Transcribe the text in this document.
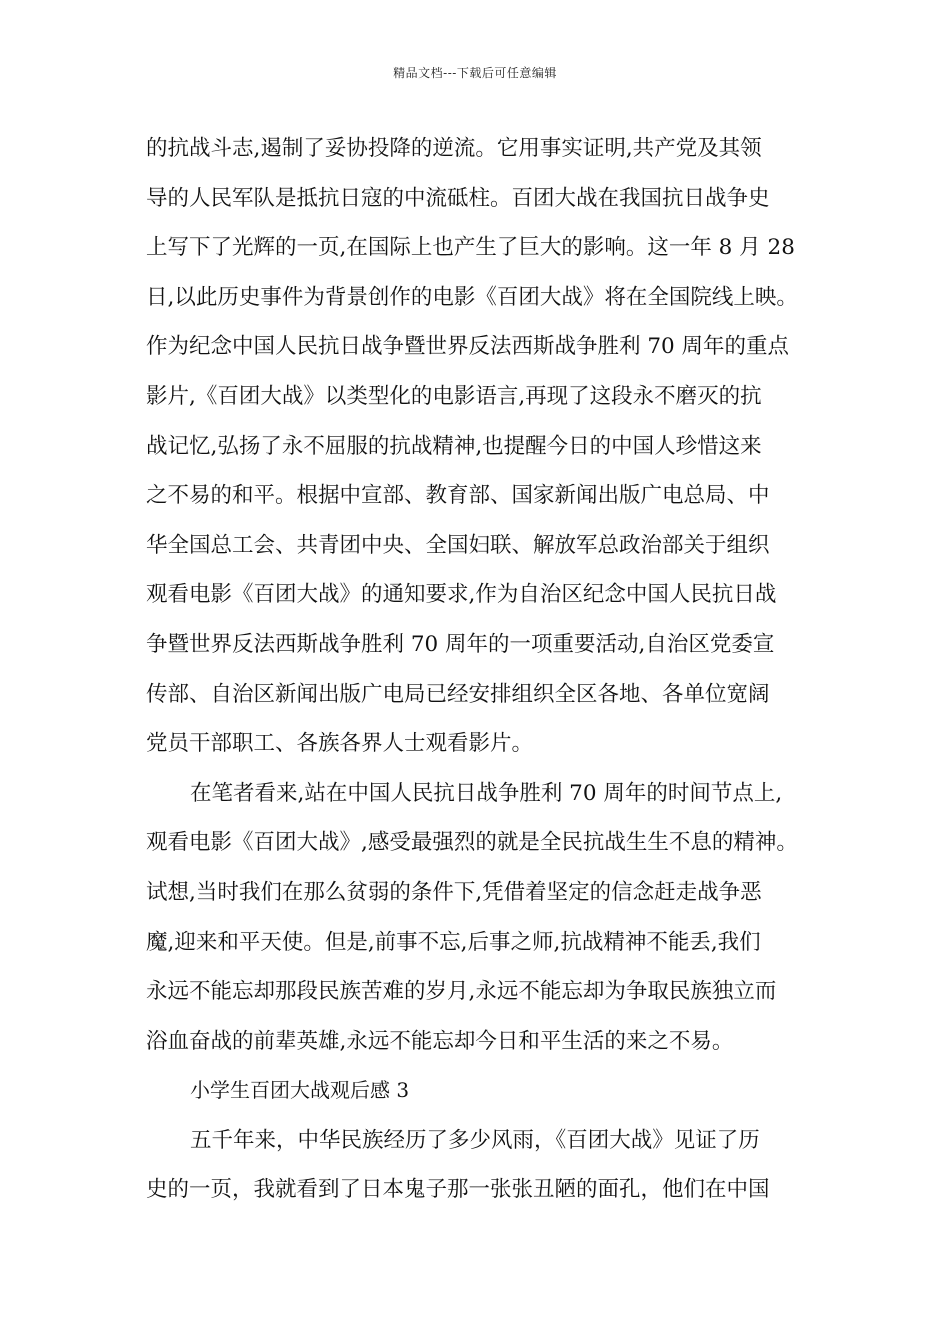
精品文档---下载后可任意编辑
的抗战斗志,遏制了妥协投降的逆流。它用事实证明,共产党及其领
导的人民军队是抵抗日寇的中流砥柱。百团大战在我国抗日战争史
上写下了光辉的一页,在国际上也产生了巨大的影响。这一年 8 月 28
日,以此历史事件为背景创作的电影《百团大战》将在全国院线上映。
作为纪念中国人民抗日战争暨世界反法西斯战争胜利 70 周年的重点
影片,《百团大战》以类型化的电影语言,再现了这段永不磨灭的抗
战记忆,弘扬了永不屈服的抗战精神,也提醒今日的中国人珍惜这来
之不易的和平。根据中宣部、教育部、国家新闻出版广电总局、中
华全国总工会、共青团中央、全国妇联、解放军总政治部关于组织
观看电影《百团大战》的通知要求,作为自治区纪念中国人民抗日战
争暨世界反法西斯战争胜利 70 周年的一项重要活动,自治区党委宣
传部、自治区新闻出版广电局已经安排组织全区各地、各单位宽阔
党员干部职工、各族各界人士观看影片。
在笔者看来,站在中国人民抗日战争胜利 70 周年的时间节点上,
观看电影《百团大战》,感受最强烈的就是全民抗战生生不息的精神。
试想,当时我们在那么贫弱的条件下,凭借着坚定的信念赶走战争恶
魔,迎来和平天使。但是,前事不忘,后事之师,抗战精神不能丢,我们
永远不能忘却那段民族苦难的岁月,永远不能忘却为争取民族独立而
浴血奋战的前辈英雄,永远不能忘却今日和平生活的来之不易。
小学生百团大战观后感 3
五千年来，中华民族经历了多少风雨，《百团大战》见证了历
史的一页，我就看到了日本鬼子那一张张丑陋的面孔，他们在中国
